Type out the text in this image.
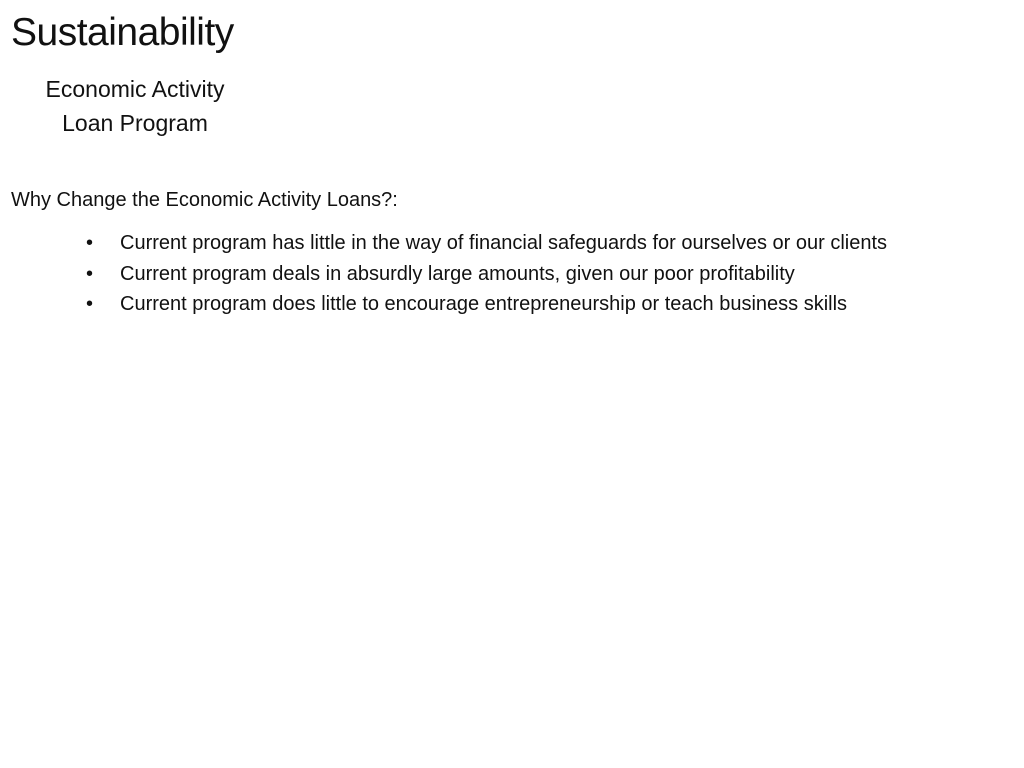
Sustainability
Economic Activity
Loan Program
Why Change the Economic Activity Loans?:
•	Current program has little in the way of financial safeguards for ourselves or our clients
•	Current program deals in absurdly large amounts, given our poor profitability
•	Current program does little to encourage entrepreneurship or teach business skills
